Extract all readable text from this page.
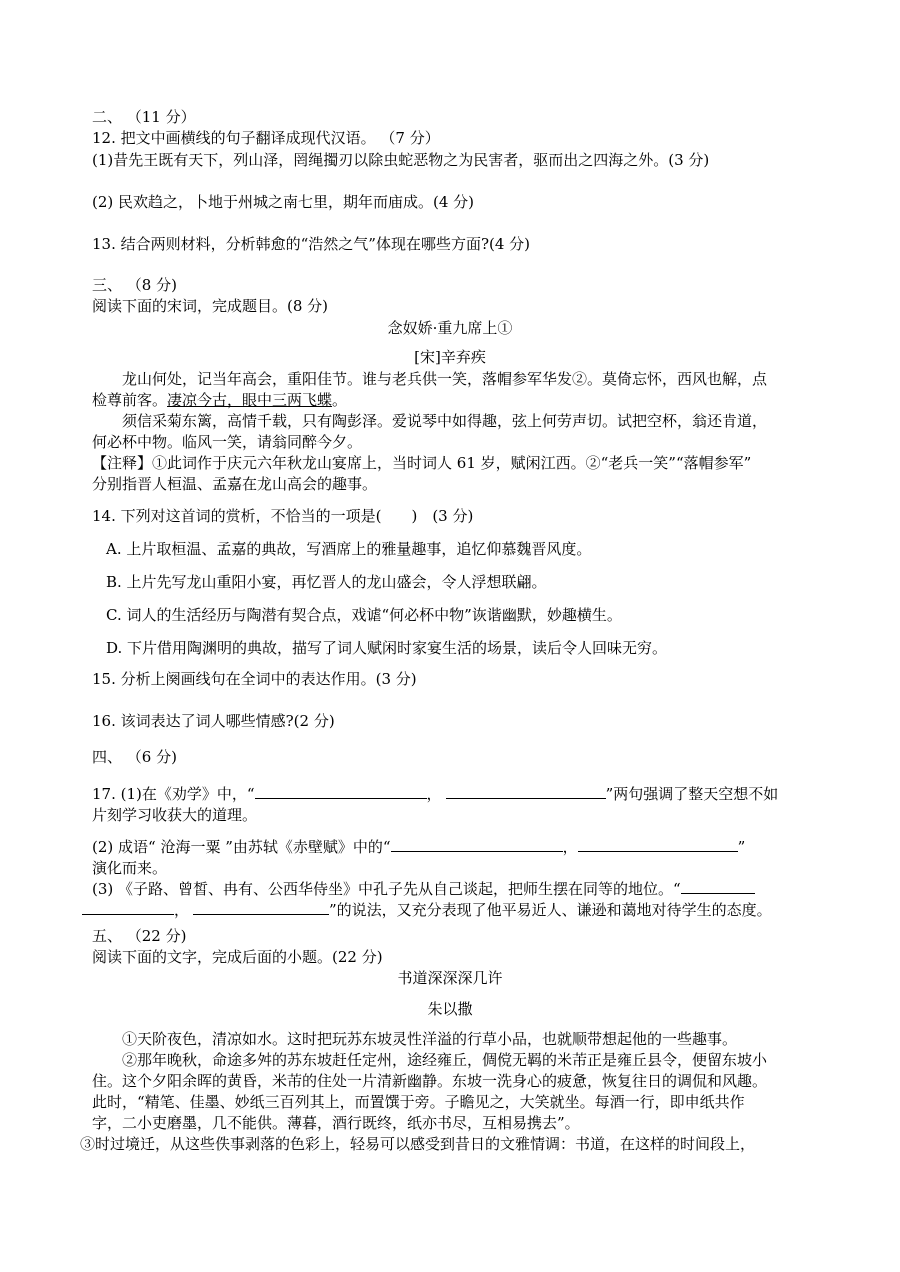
二、 （11 分）
12. 把文中画横线的句子翻译成现代汉语。 （7 分）
(1)昔先王既有天下，列山泽，罔绳擉刃以除虫蛇恶物之为民害者，驱而出之四海之外。(3 分)
(2) 民欢趋之，卜地于州城之南七里，期年而庙成。(4 分)
13. 结合两则材料，分析韩愈的“浩然之气”体现在哪些方面?(4 分)
三、 （8 分)
阅读下面的宋词，完成题目。(8 分)
念奴娇·重九席上①
[宋]辛弃疾
龙山何处，记当年高会，重阳佳节。谁与老兵供一笑，落帽参军华发②。莫倚忘怀，西风也解，点
检尊前客。凄凉今古，眼中三两飞蝶。
须信采菊东篱，高情千载，只有陶彭泽。爱说琴中如得趣，弦上何劳声切。试把空杯，翁还肯道，
何必杯中物。临风一笑，请翁同醉今夕。
【注释】①此词作于庆元六年秋龙山宴席上，当时词人 61 岁，赋闲江西。②“老兵一笑”“落帽参军”
分别指晋人桓温、孟嘉在龙山高会的趣事。
14. 下列对这首词的赏析，不恰当的一项是(　　)　(3 分)
A. 上片取桓温、孟嘉的典故，写酒席上的雅量趣事，追忆仰慕魏晋风度。
B. 上片先写龙山重阳小宴，再忆晋人的龙山盛会，令人浮想联翩。
C. 词人的生活经历与陶潜有契合点，戏谑“何必杯中物”诙谐幽默，妙趣横生。
D. 下片借用陶渊明的典故，描写了词人赋闲时家宴生活的场景，读后令人回味无穷。
15. 分析上阕画线句在全词中的表达作用。(3 分)
16. 该词表达了词人哪些情感?(2 分)
四、 （6 分)
17. (1)在《劝学》中，“	，	”两句强调了整天空想不如
片刻学习收获大的道理。
(2) 成语“ 沧海一粟 ”由苏轼《赤壁赋》中的“	，	”
演化而来。
(3) 《子路、曾皙、冉有、公西华侍坐》中孔子先从自己谈起，把师生摆在同等的地位。“
，	”的说法，又充分表现了他平易近人、谦逊和蔼地对待学生的态度。
五、 （22 分)
阅读下面的文字，完成后面的小题。(22 分)
书道深深深几许
朱以撒
①天阶夜色，清凉如水。这时把玩苏东坡灵性洋溢的行草小品，也就顺带想起他的一些趣事。
②那年晚秋，命途多舛的苏东坡赶任定州，途经雍丘，倜傥无羁的米芾正是雍丘县令，便留东坡小
住。这个夕阳余晖的黄昏，米芾的住处一片清新幽静。东坡一洗身心的疲惫，恢复往日的调侃和风趣。
此时，“精笔、佳墨、妙纸三百列其上，而置馔于旁。子瞻见之，大笑就坐。每酒一行，即申纸共作
字，二小吏磨墨，几不能供。薄暮，酒行既终，纸亦书尽，互相易携去”。
③时过境迁，从这些佚事剥落的色彩上，轻易可以感受到昔日的文雅情调：书道，在这样的时间段上，
